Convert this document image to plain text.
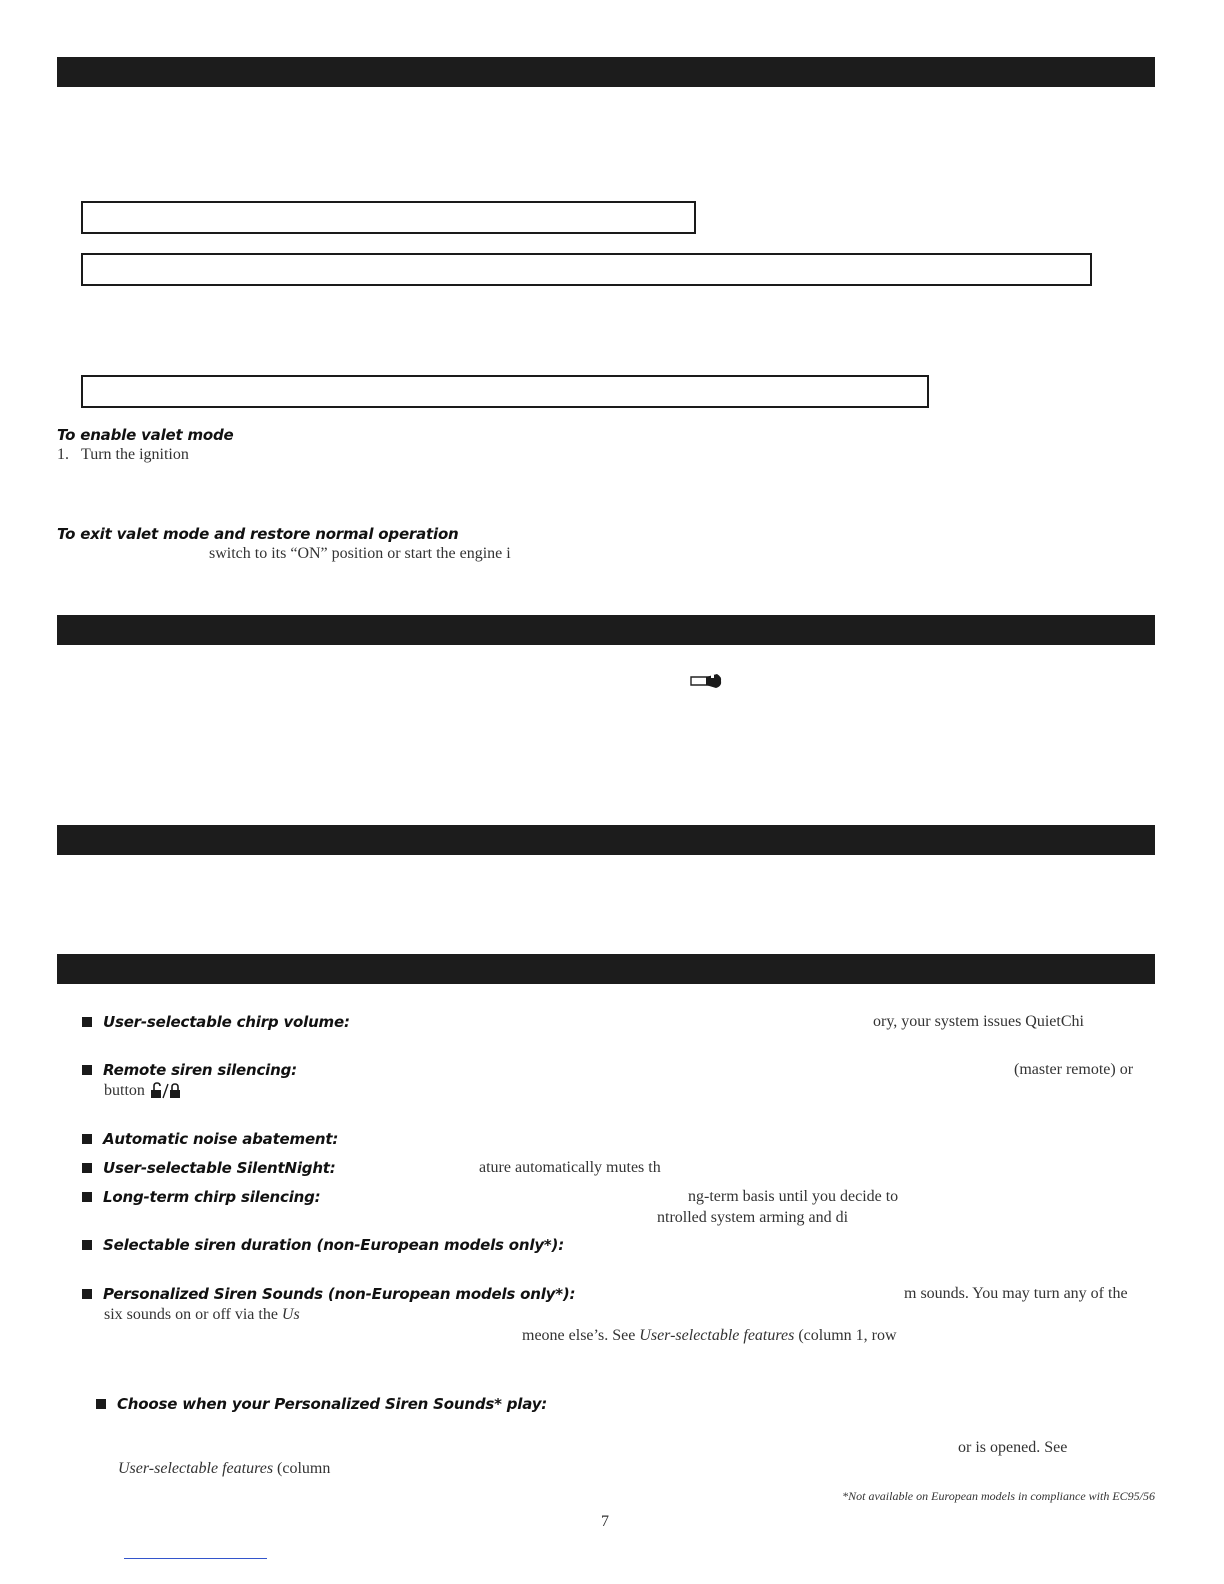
To enable valet mode
1. Turn the ignition
To exit valet mode and restore normal operation
switch to its “ON” position or start the engine i
User-selectable chirp volume:	ory, your system issues QuietChi
Remote siren silencing:	(master remote) or
button
Automatic noise abatement:
User-selectable SilentNight:	ature automatically mutes th
Long-term chirp silencing:	ng-term basis until you decide to
ntrolled system arming and di
Selectable siren duration (non-European models only*):
Personalized Siren Sounds (non-European models only*):	m sounds. You may turn any of the
six sounds on or off via the Us
meone else’s. See User-selectable features (column 1, row
Choose when your Personalized Siren Sounds* play:
or is opened. See
User-selectable features (column
*Not available on European models in compliance with EC95/56
7
